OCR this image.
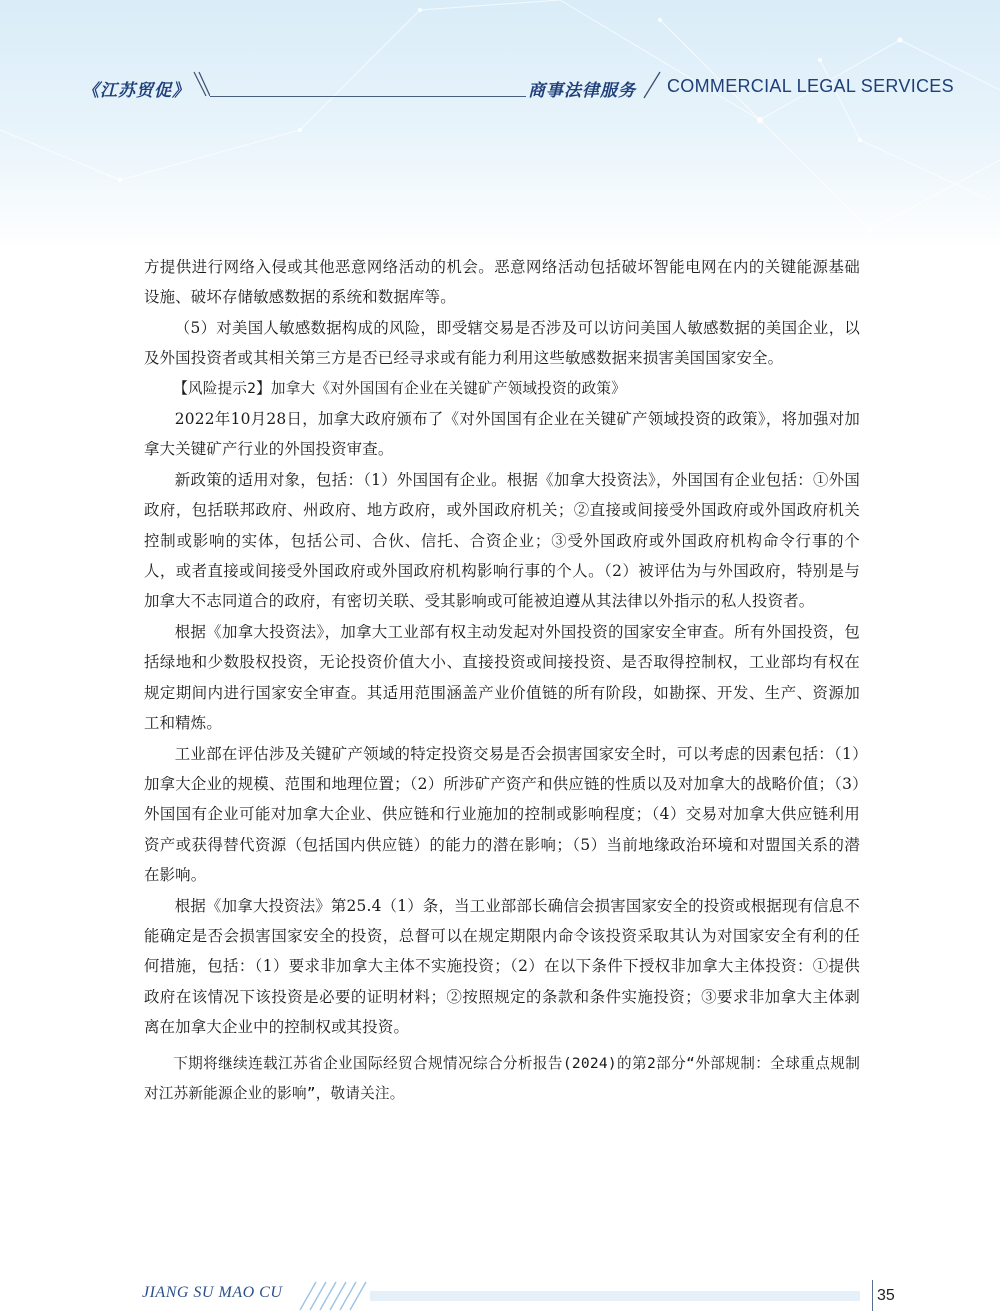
《江苏贸促》	商事法律服务 COMMERCIAL LEGAL SERVICES

方提供进行网络入侵或其他恶意网络活动的机会。恶意网络活动包括破坏智能电网在内的关键能源基础设施、破坏存储敏感数据的系统和数据库等。

（5）对美国人敏感数据构成的风险，即受辖交易是否涉及可以访问美国人敏感数据的美国企业，以及外国投资者或其相关第三方是否已经寻求或有能力利用这些敏感数据来损害美国国家安全。

【风险提示2】加拿大《对外国国有企业在关键矿产领域投资的政策》

2022年10月28日，加拿大政府颁布了《对外国国有企业在关键矿产领域投资的政策》，将加强对加拿大关键矿产行业的外国投资审查。

新政策的适用对象，包括：（1）外国国有企业。根据《加拿大投资法》，外国国有企业包括：①外国政府，包括联邦政府、州政府、地方政府，或外国政府机关；②直接或间接受外国政府或外国政府机关控制或影响的实体，包括公司、合伙、信托、合资企业；③受外国政府或外国政府机构命令行事的个人，或者直接或间接受外国政府或外国政府机构影响行事的个人。（2）被评估为与外国政府，特别是与加拿大不志同道合的政府，有密切关联、受其影响或可能被迫遵从其法律以外指示的私人投资者。

根据《加拿大投资法》，加拿大工业部有权主动发起对外国投资的国家安全审查。所有外国投资，包括绿地和少数股权投资，无论投资价值大小、直接投资或间接投资、是否取得控制权，工业部均有权在规定期间内进行国家安全审查。其适用范围涵盖产业价值链的所有阶段，如勘探、开发、生产、资源加工和精炼。

工业部在评估涉及关键矿产领域的特定投资交易是否会损害国家安全时，可以考虑的因素包括：（1）加拿大企业的规模、范围和地理位置；（2）所涉矿产资产和供应链的性质以及对加拿大的战略价值；（3）外国国有企业可能对加拿大企业、供应链和行业施加的控制或影响程度；（4）交易对加拿大供应链利用资产或获得替代资源（包括国内供应链）的能力的潜在影响；（5）当前地缘政治环境和对盟国关系的潜在影响。

根据《加拿大投资法》第25.4（1）条，当工业部部长确信会损害国家安全的投资或根据现有信息不能确定是否会损害国家安全的投资，总督可以在规定期限内命令该投资采取其认为对国家安全有利的任何措施，包括：（1）要求非加拿大主体不实施投资；（2）在以下条件下授权非加拿大主体投资：①提供政府在该情况下该投资是必要的证明材料；②按照规定的条款和条件实施投资；③要求非加拿大主体剥离在加拿大企业中的控制权或其投资。

下期将继续连载江苏省企业国际经贸合规情况综合分析报告(2024)的第2部分“外部规制：全球重点规制对江苏新能源企业的影响”，敬请关注。

JIANG SU MAO CU	35
